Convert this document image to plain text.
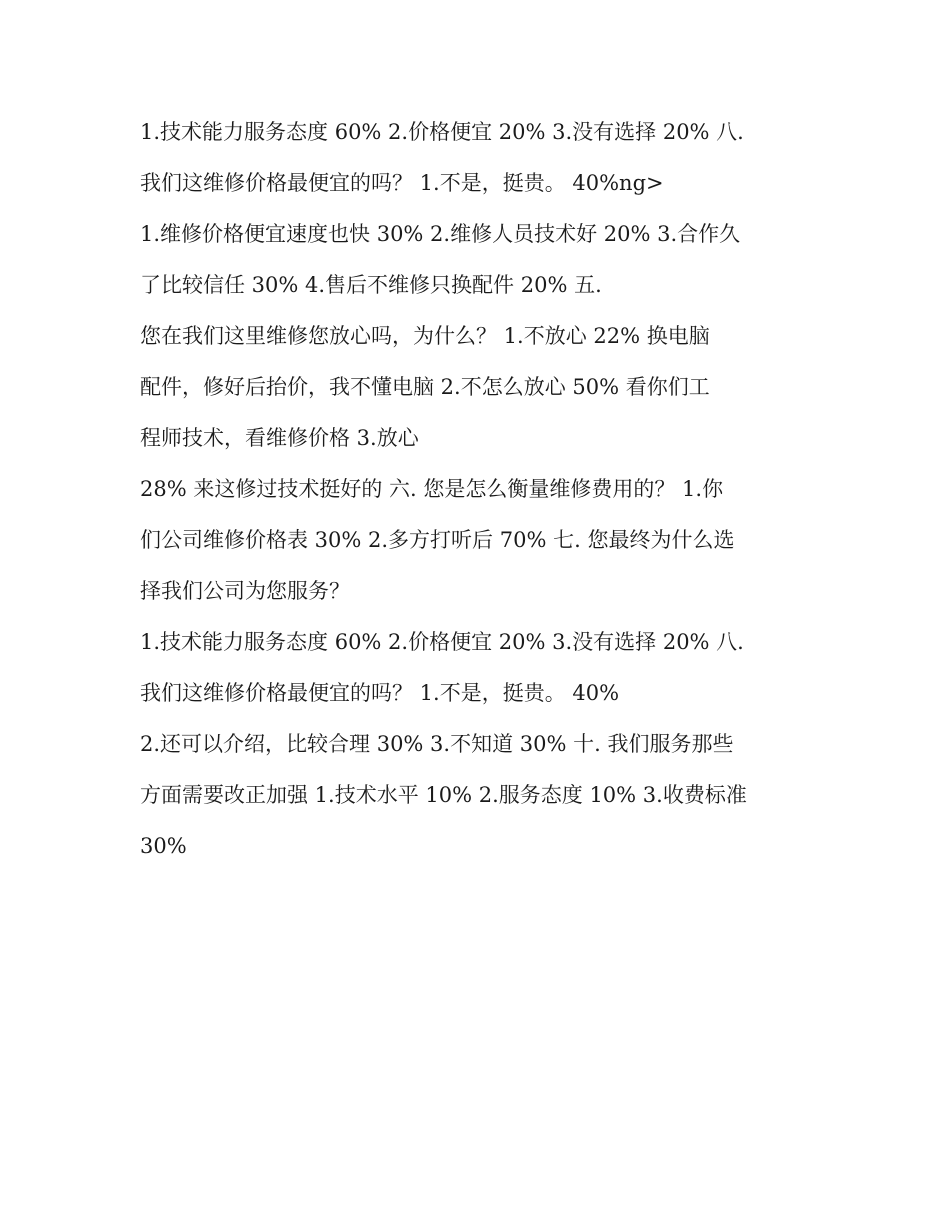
1.技术能力服务态度 60% 2.价格便宜 20% 3.没有选择 20% 八.
我们这维修价格最便宜的吗？ 1.不是，挺贵。 40%ng>
1.维修价格便宜速度也快 30% 2.维修人员技术好 20% 3.合作久
了比较信任 30% 4.售后不维修只换配件 20% 五.
您在我们这里维修您放心吗，为什么？ 1.不放心 22% 换电脑
配件，修好后抬价，我不懂电脑 2.不怎么放心 50% 看你们工
程师技术，看维修价格 3.放心
28% 来这修过技术挺好的 六. 您是怎么衡量维修费用的？ 1.你
们公司维修价格表 30% 2.多方打听后 70% 七. 您最终为什么选
择我们公司为您服务？
1.技术能力服务态度 60% 2.价格便宜 20% 3.没有选择 20% 八.
我们这维修价格最便宜的吗？ 1.不是，挺贵。 40%
2.还可以介绍，比较合理 30% 3.不知道 30% 十. 我们服务那些
方面需要改正加强 1.技术水平 10% 2.服务态度 10% 3.收费标准
30%
